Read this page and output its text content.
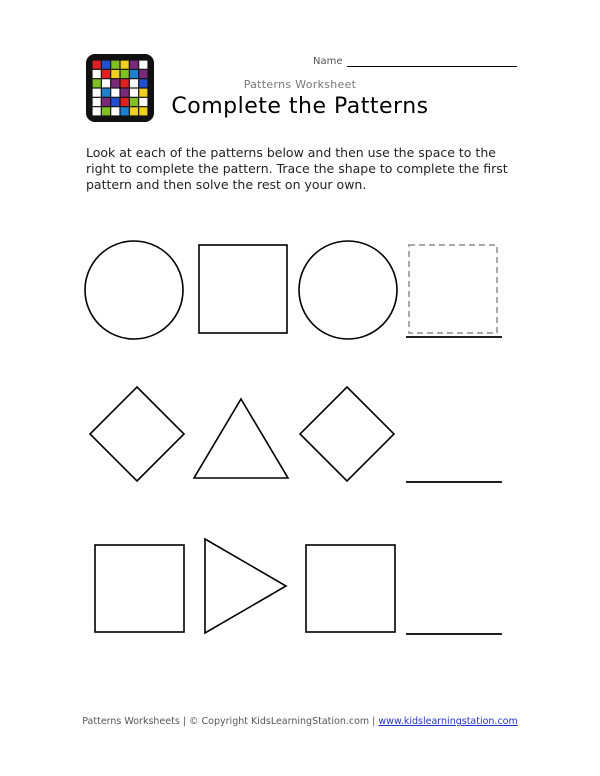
Name
Patterns Worksheet
Complete the Patterns

Look at each of the patterns below and then use the space to the right to complete the pattern. Trace the shape to complete the first pattern and then solve the rest on your own.

Patterns Worksheets | © Copyright KidsLearningStation.com | www.kidslearningstation.com
